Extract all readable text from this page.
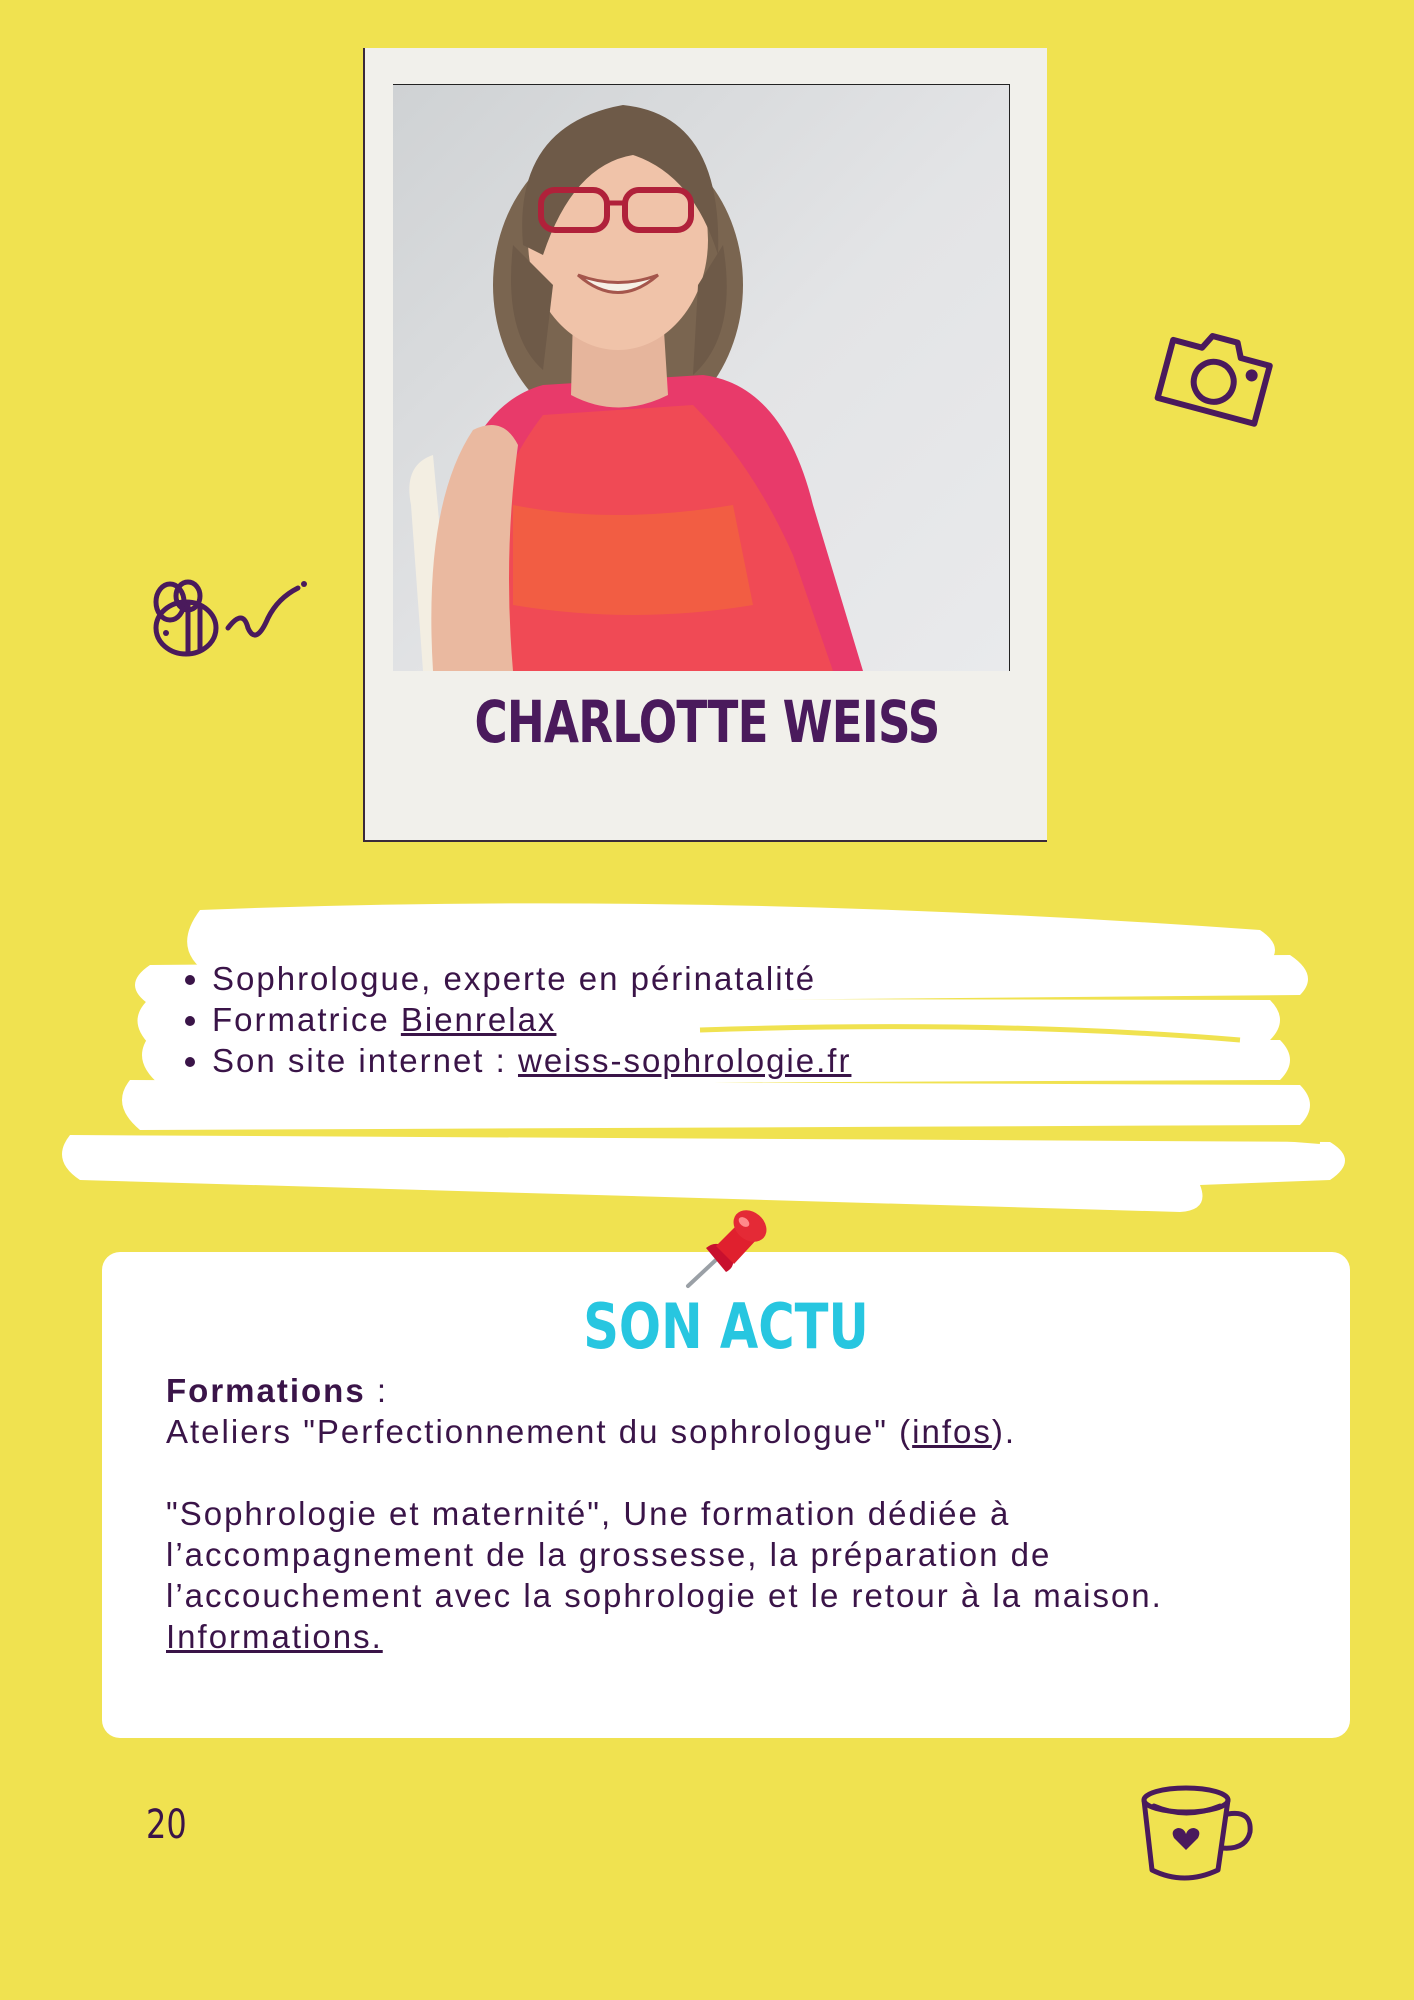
CHARLOTTE WEISS
• Sophrologue, experte en périnatalité
• Formatrice Bienrelax
• Son site internet : weiss-sophrologie.fr
SON ACTU

Formations :

Ateliers "Perfectionnement du sophrologue" (infos).

"Sophrologie et maternité", Une formation dédiée à l’accompagnement de la grossesse, la préparation de l’accouchement avec la sophrologie et le retour à la maison.

Informations.

20
